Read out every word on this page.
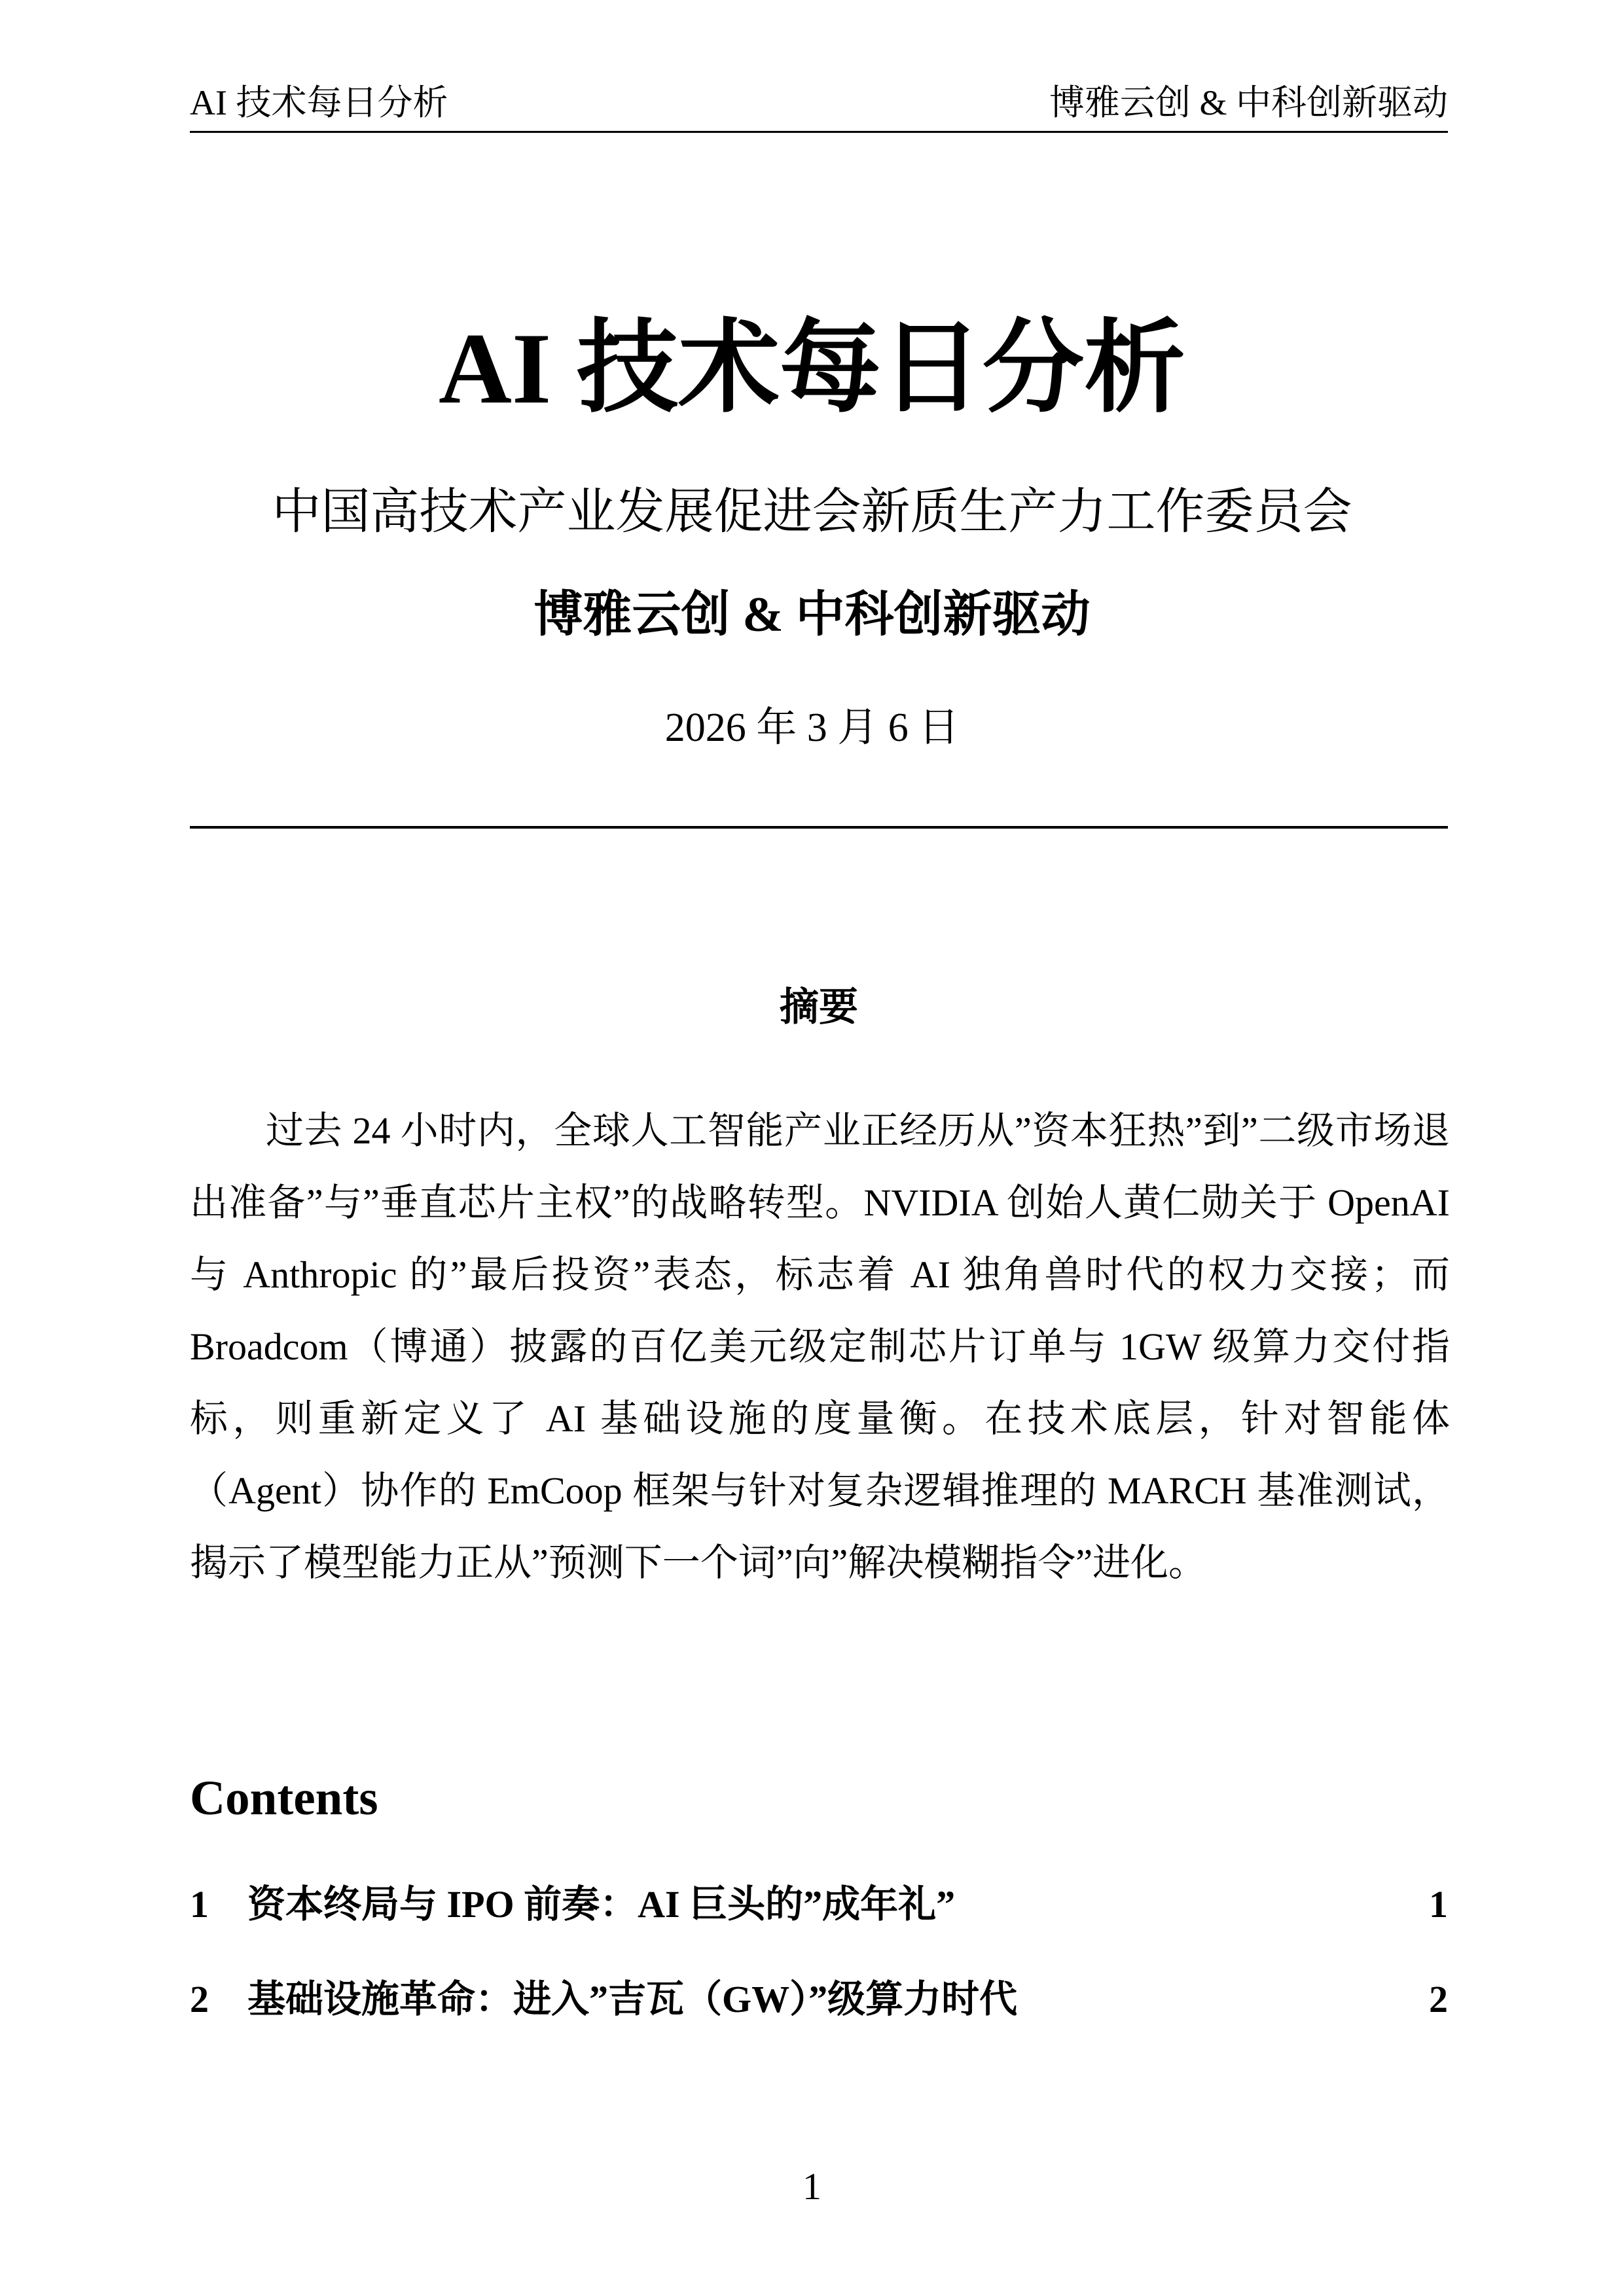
AI 技术每日分析	博雅云创 & 中科创新驱动
AI 技术每日分析
中国高技术产业发展促进会新质生产力工作委员会
博雅云创 & 中科创新驱动
2026 年 3 月 6 日
摘要

过去 24 小时内，全球人工智能产业正经历从”资本狂热”到”二级市场退出准备”与”垂直芯片主权”的战略转型。NVIDIA 创始人黄仁勋关于 OpenAI 与 Anthropic 的”最后投资”表态，标志着 AI 独角兽时代的权力交接；而 Broadcom（博通）披露的百亿美元级定制芯片订单与 1GW 级算力交付指标，则重新定义了 AI 基础设施的度量衡。在技术底层，针对智能体（Agent）协作的 EmCoop 框架与针对复杂逻辑推理的 MARCH 基准测试，揭示了模型能力正从”预测下一个词”向”解决模糊指令”进化。

Contents
1	资本终局与 IPO 前奏：AI 巨头的”成年礼”	1
2	基础设施革命：进入”吉瓦（GW）”级算力时代	2
1
